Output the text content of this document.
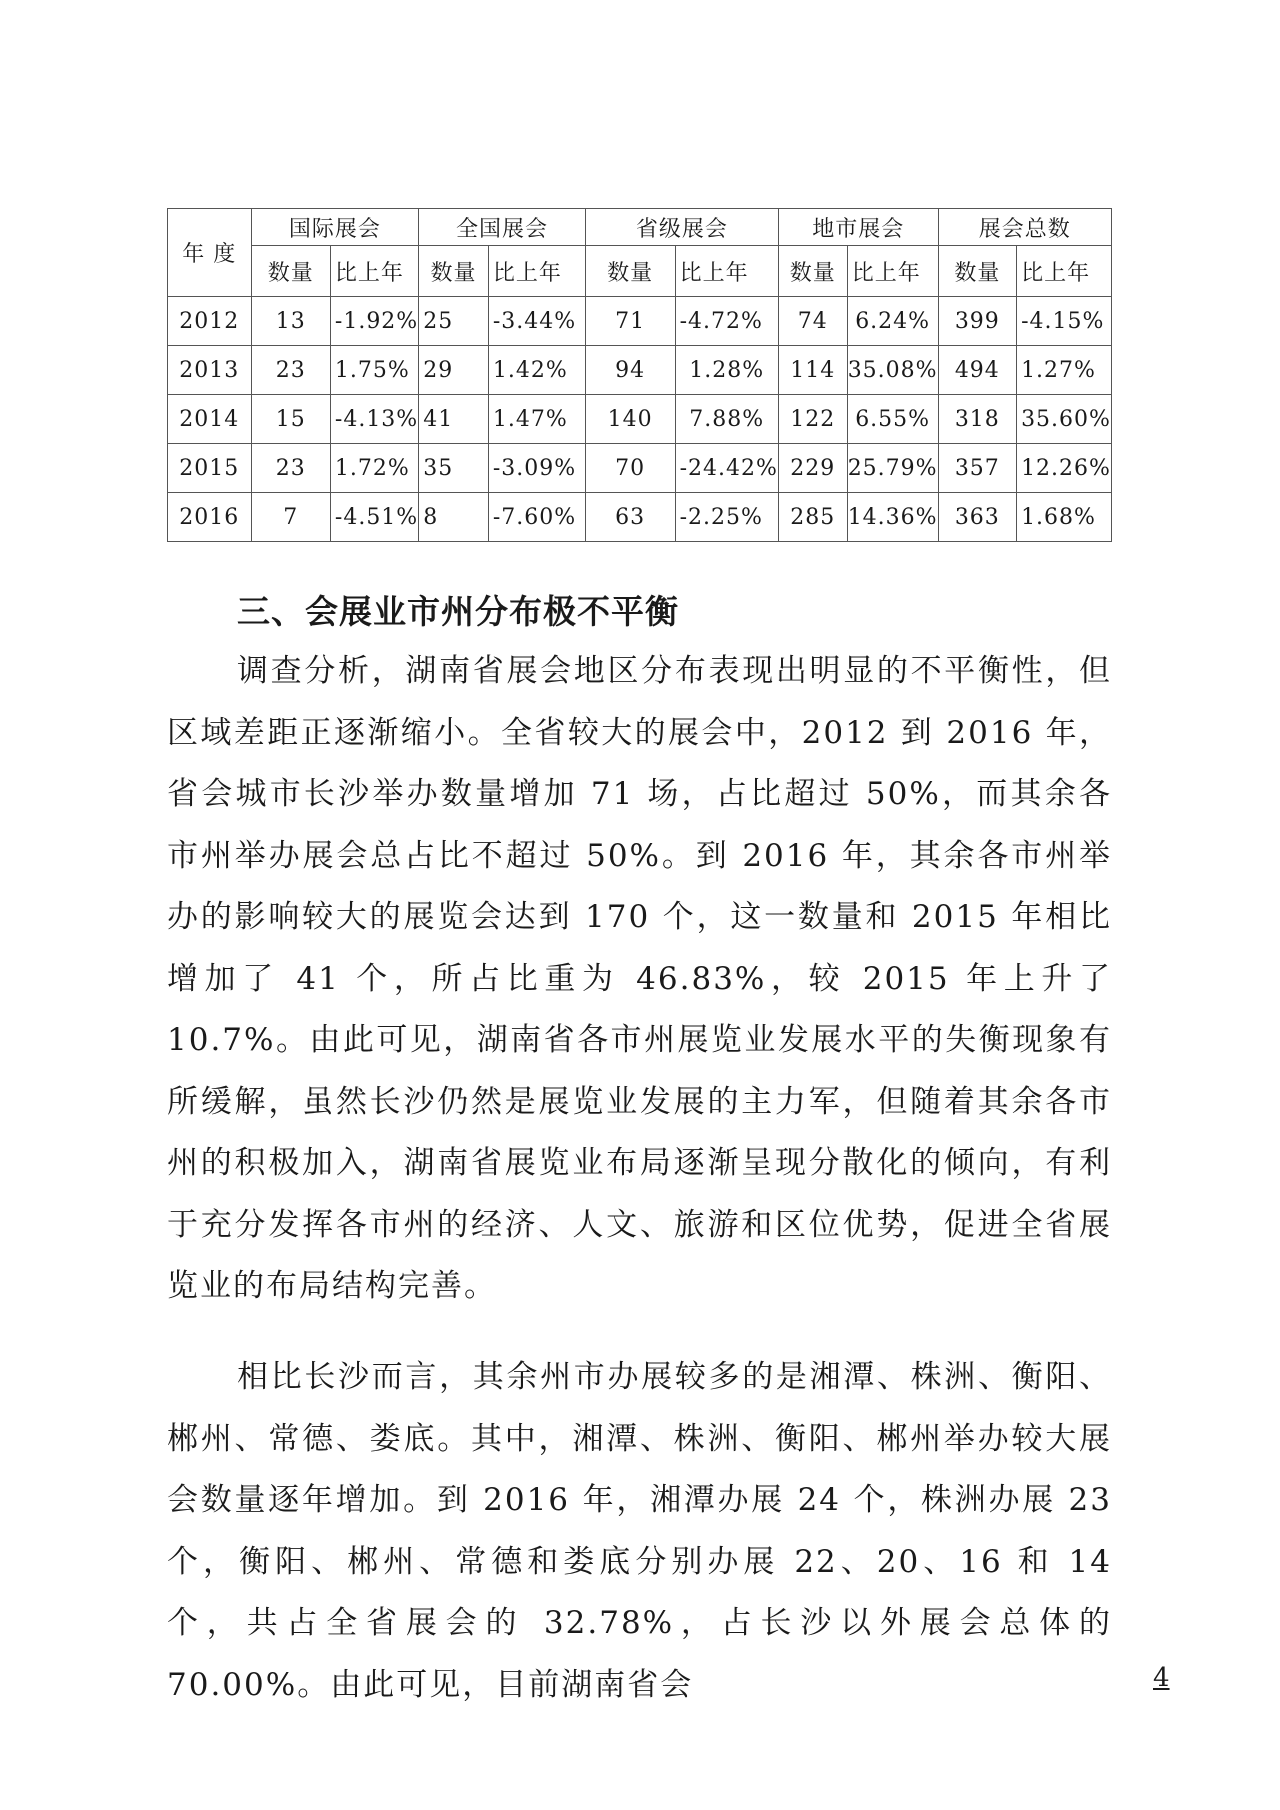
年 度	国际展会		全国展会		省级展会		地市展会		展会总数	
	数量	比上年	数量	比上年	数量	比上年	数量	比上年	数量	比上年
2012	13	-1.92%	25	-3.44%	71	-4.72%	74	6.24%	399	-4.15%
2013	23	1.75%	29	1.42%	94	1.28%	114	35.08%	494	1.27%
2014	15	-4.13%	41	1.47%	140	7.88%	122	6.55%	318	35.60%
2015	23	1.72%	35	-3.09%	70	-24.42%	229	25.79%	357	12.26%
2016	7	-4.51%	8	-7.60%	63	-2.25%	285	14.36%	363	1.68%
三、会展业市州分布极不平衡

调查分析，湖南省展会地区分布表现出明显的不平衡性，但区域差距正逐渐缩小。全省较大的展会中，2012 到 2016 年，省会城市长沙举办数量增加 71 场，占比超过 50%，而其余各市州举办展会总占比不超过 50%。到 2016 年，其余各市州举办的影响较大的展览会达到 170 个，这一数量和 2015 年相比增加了 41 个，所占比重为 46.83%，较 2015 年上升了 10.7%。由此可见，湖南省各市州展览业发展水平的失衡现象有所缓解，虽然长沙仍然是展览业发展的主力军，但随着其余各市州的积极加入，湖南省展览业布局逐渐呈现分散化的倾向，有利于充分发挥各市州的经济、人文、旅游和区位优势，促进全省展览业的布局结构完善。

相比长沙而言，其余州市办展较多的是湘潭、株洲、衡阳、郴州、常德、娄底。其中，湘潭、株洲、衡阳、郴州举办较大展会数量逐年增加。到 2016 年，湘潭办展 24 个，株洲办展 23 个，衡阳、郴州、常德和娄底分别办展 22、20、16 和 14 个，共占全省展会的 32.78%，占长沙以外展会总体的 70.00%。由此可见，目前湖南省会	4
